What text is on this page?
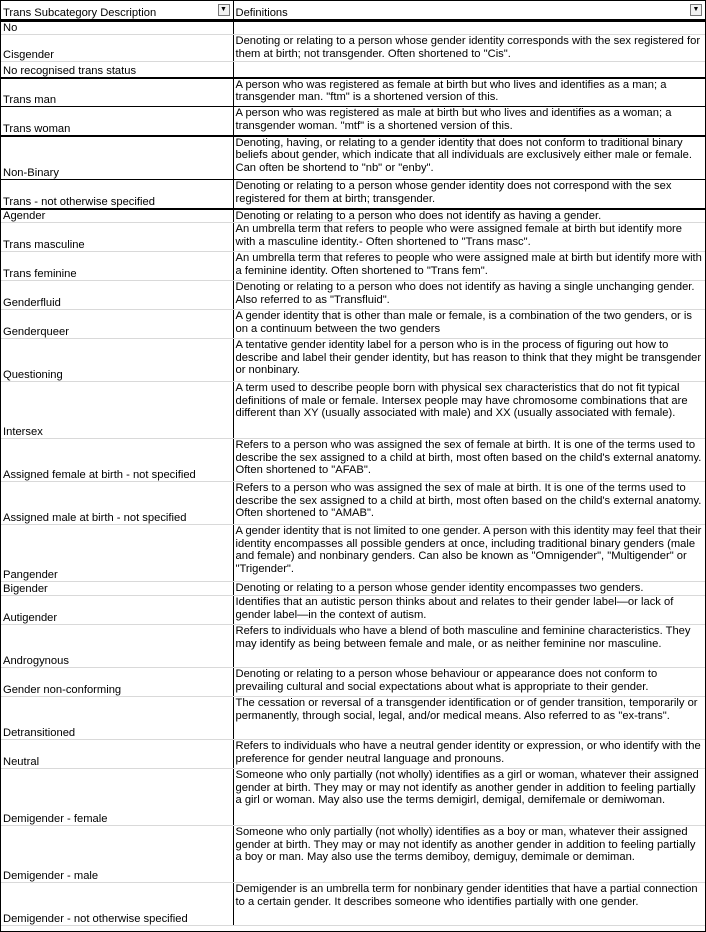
Trans Subcategory Description ▼	Definitions ▼

No	
Cisgender	Denoting or relating to a person whose gender identity corresponds with the sex registered for them at birth; not transgender. Often shortened to "Cis".
No recognised trans status	
Trans man	A person who was registered as female at birth but who lives and identifies as a man; a transgender man. "ftm" is a shortened version of this.
Trans woman	A person who was registered as male at birth but who lives and identifies as a woman; a transgender woman. "mtf" is a shortened version of this.
Non-Binary	Denoting, having, or relating to a gender identity that does not conform to traditional binary beliefs about gender, which indicate that all individuals are exclusively either male or female. Can often be shortend to "nb" or "enby".
Trans - not otherwise specified	Denoting or relating to a person whose gender identity does not correspond with the sex registered for them at birth; transgender.
Agender	Denoting or relating to a person who does not identify as having a gender.
Trans masculine	An umbrella term that refers to people who were assigned female at birth but identify more with a masculine identity.- Often shortened to "Trans masc".
Trans feminine	An umbrella term that referes to people who were assigned male at birth but identify more with a feminine identity. Often shortened to "Trans fem".
Genderfluid	Denoting or relating to a person who does not identify as having a single unchanging gender. Also referred to as "Transfluid".
Genderqueer	A gender identity that is other than male or female, is a combination of the two genders, or is on a continuum between the two genders
Questioning	A tentative gender identity label for a person who is in the process of figuring out how to describe and label their gender identity, but has reason to think that they might be transgender or nonbinary.
Intersex	A term used to describe people born with physical sex characteristics that do not fit typical definitions of male or female. Intersex people may have chromosome combinations that are different than XY (usually associated with male) and XX (usually associated with female).
Assigned female at birth - not specified	Refers to a person who was assigned the sex of female at birth. It is one of the terms used to describe the sex assigned to a child at birth, most often based on the child's external anatomy. Often shortened to "AFAB".
Assigned male at birth - not specified	Refers to a person who was assigned the sex of male at birth. It is one of the terms used to describe the sex assigned to a child at birth, most often based on the child's external anatomy. Often shortened to "AMAB".
Pangender	A gender identity that is not limited to one gender. A person with this identity may feel that their identity encompasses all possible genders at once, including traditional binary genders (male and female) and nonbinary genders. Can also be known as "Omnigender", "Multigender" or "Trigender".
Bigender	Denoting or relating to a person whose gender identity encompasses two genders.
Autigender	Identifies that an autistic person thinks about and relates to their gender label—or lack of gender label—in the context of autism.
Androgynous	Refers to individuals who have a blend of both masculine and feminine characteristics. They may identify as being between female and male, or as neither feminine nor masculine.
Gender non-conforming	Denoting or relating to a person whose behaviour or appearance does not conform to prevailing cultural and social expectations about what is appropriate to their gender.
Detransitioned	The cessation or reversal of a transgender identification or of gender transition, temporarily or permanently, through social, legal, and/or medical means. Also referred to as "ex-trans".
Neutral	Refers to individuals who have a neutral gender identity or expression, or who identify with the preference for gender neutral language and pronouns.
Demigender - female	Someone who only partially (not wholly) identifies as a girl or woman, whatever their assigned gender at birth. They may or may not identify as another gender in addition to feeling partially a girl or woman. May also use the terms demigirl, demigal, demifemale or demiwoman.
Demigender - male	Someone who only partially (not wholly) identifies as a boy or man, whatever their assigned gender at birth. They may or may not identify as another gender in addition to feeling partially a boy or man. May also use the terms demiboy, demiguy, demimale or demiman.
Demigender - not otherwise specified	Demigender is an umbrella term for nonbinary gender identities that have a partial connection to a certain gender. It describes someone who identifies partially with one gender.
